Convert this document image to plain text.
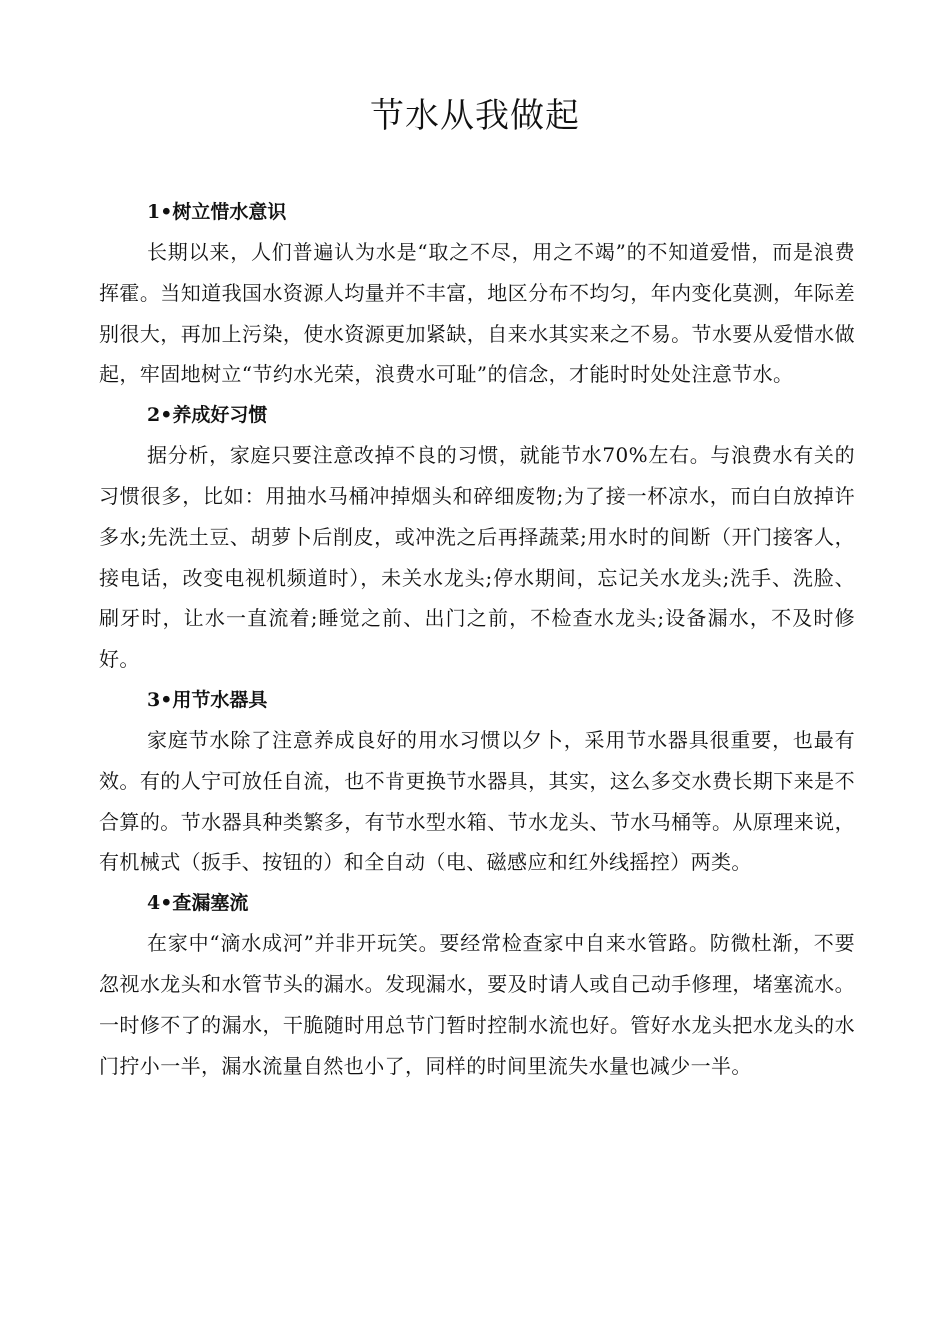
节水从我做起
1•树立惜水意识

长期以来，人们普遍认为水是“取之不尽，用之不竭”的不知道爱惜，而是浪费挥霍。当知道我国水资源人均量并不丰富，地区分布不均匀，年内变化莫测，年际差别很大，再加上污染，使水资源更加紧缺，自来水其实来之不易。节水要从爱惜水做起，牢固地树立“节约水光荣，浪费水可耻”的信念，才能时时处处注意节水。

2•养成好习惯

据分析，家庭只要注意改掉不良的习惯，就能节水70%左右。与浪费水有关的习惯很多，比如：用抽水马桶冲掉烟头和碎细废物;为了接一杯凉水，而白白放掉许多水;先洗土豆、胡萝卜后削皮，或冲洗之后再择蔬菜;用水时的间断（开门接客人，接电话，改变电视机频道时），未关水龙头;停水期间，忘记关水龙头;洗手、洗脸、刷牙时，让水一直流着;睡觉之前、出门之前，不检查水龙头;设备漏水，不及时修好。

3•用节水器具

家庭节水除了注意养成良好的用水习惯以夕卜，采用节水器具很重要，也最有效。有的人宁可放任自流，也不肯更换节水器具，其实，这么多交水费长期下来是不合算的。节水器具种类繁多，有节水型水箱、节水龙头、节水马桶等。从原理来说，有机械式（扳手、按钮的）和全自动（电、磁感应和红外线摇控）两类。

4•查漏塞流

在家中“滴水成河”并非开玩笑。要经常检查家中自来水管路。防微杜渐，不要忽视水龙头和水管节头的漏水。发现漏水，要及时请人或自己动手修理，堵塞流水。一时修不了的漏水，干脆随时用总节门暂时控制水流也好。管好水龙头把水龙头的水门拧小一半，漏水流量自然也小了，同样的时间里流失水量也减少一半。
